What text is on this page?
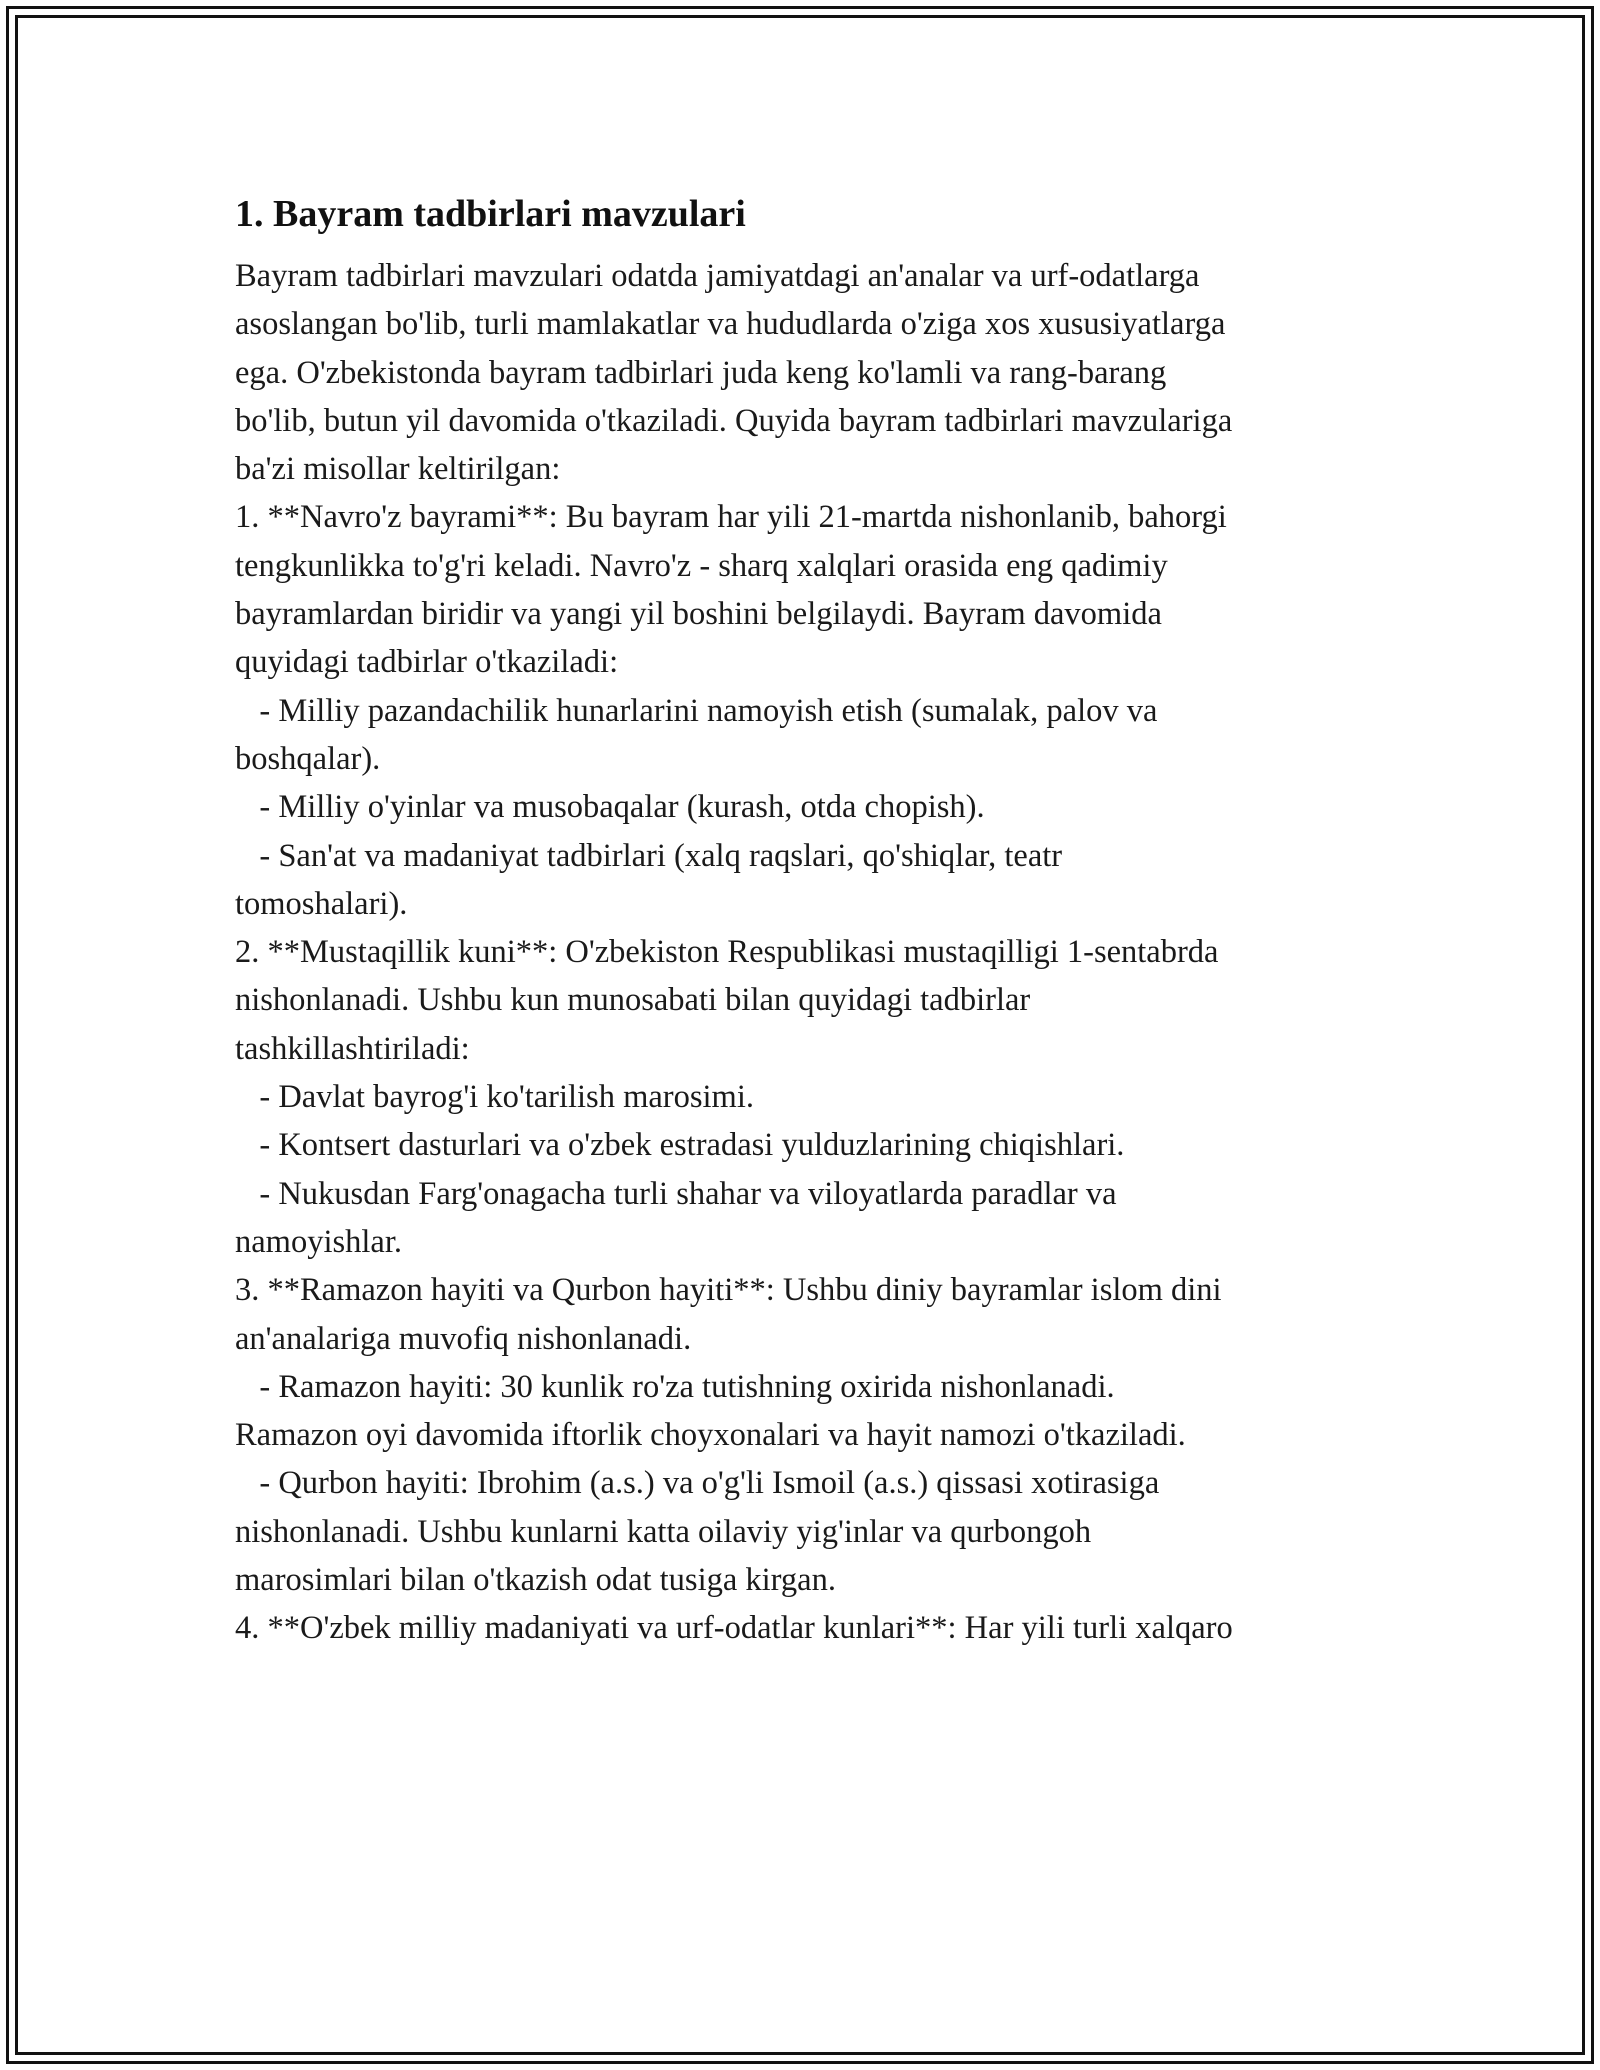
1. Bayram tadbirlari mavzulari
Bayram tadbirlari mavzulari odatda jamiyatdagi an'analar va urf-odatlarga
asoslangan bo'lib, turli mamlakatlar va hududlarda o'ziga xos xususiyatlarga
ega. O'zbekistonda bayram tadbirlari juda keng ko'lamli va rang-barang
bo'lib, butun yil davomida o'tkaziladi. Quyida bayram tadbirlari mavzulariga
ba'zi misollar keltirilgan:

1. **Navro'z bayrami**: Bu bayram har yili 21-martda nishonlanib, bahorgi
tengkunlikka to'g'ri keladi. Navro'z - sharq xalqlari orasida eng qadimiy
bayramlardan biridir va yangi yil boshini belgilaydi. Bayram davomida
quyidagi tadbirlar o'tkaziladi:
- Milliy pazandachilik hunarlarini namoyish etish (sumalak, palov va
boshqalar).
- Milliy o'yinlar va musobaqalar (kurash, otda chopish).
- San'at va madaniyat tadbirlari (xalq raqslari, qo'shiqlar, teatr
tomoshalari).

2. **Mustaqillik kuni**: O'zbekiston Respublikasi mustaqilligi 1-sentabrda
nishonlanadi. Ushbu kun munosabati bilan quyidagi tadbirlar
tashkillashtiriladi:
- Davlat bayrog'i ko'tarilish marosimi.
- Kontsert dasturlari va o'zbek estradasi yulduzlarining chiqishlari.
- Nukusdan Farg'onagacha turli shahar va viloyatlarda paradlar va
namoyishlar.

3. **Ramazon hayiti va Qurbon hayiti**: Ushbu diniy bayramlar islom dini
an'analariga muvofiq nishonlanadi.
- Ramazon hayiti: 30 kunlik ro'za tutishning oxirida nishonlanadi.
Ramazon oyi davomida iftorlik choyxonalari va hayit namozi o'tkaziladi.
- Qurbon hayiti: Ibrohim (a.s.) va o'g'li Ismoil (a.s.) qissasi xotirasiga
nishonlanadi. Ushbu kunlarni katta oilaviy yig'inlar va qurbongoh
marosimlari bilan o'tkazish odat tusiga kirgan.

4. **O'zbek milliy madaniyati va urf-odatlar kunlari**: Har yili turli xalqaro
